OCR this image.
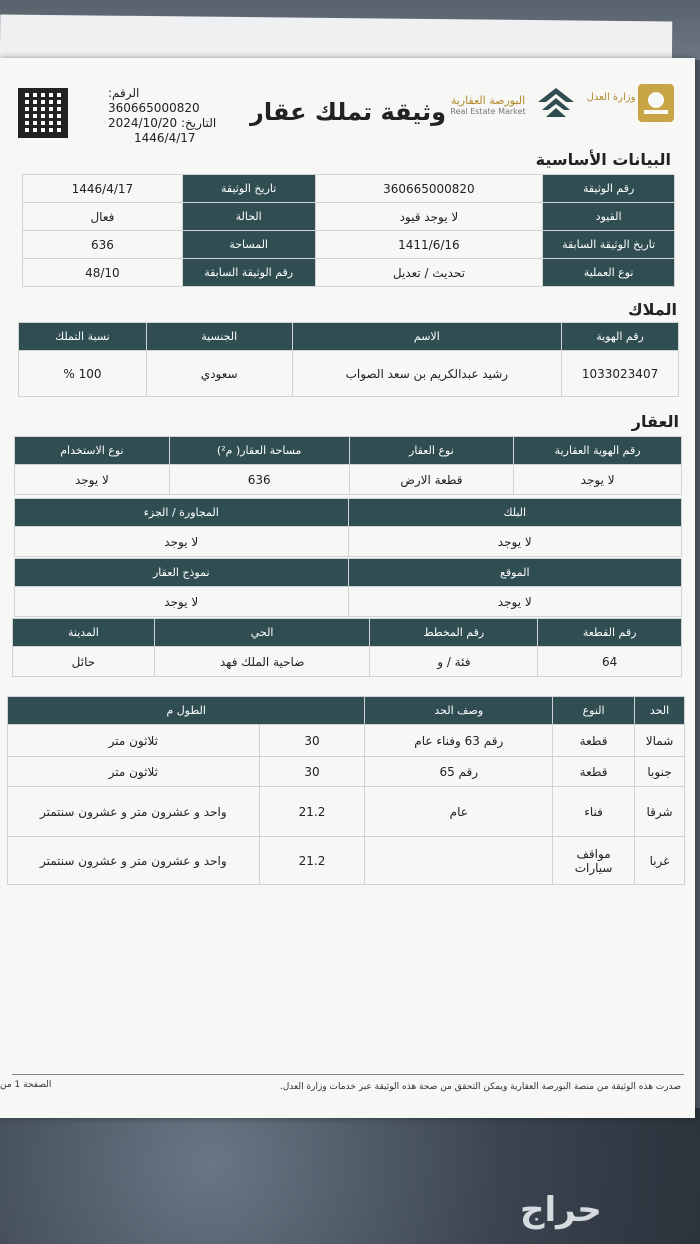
الرقم: 360665000820
التاريخ: 2024/10/20
1446/4/17
وثيقة تملك عقار البورصة العقارية
Real Estate Market
وزارة العدل
البيانات الأساسية
رقم الوثيقة	360665000820	تاريخ الوثيقة	1446/4/17
القيود	لا يوجد قيود	الحالة	فعال
تاريخ الوثيقة السابقة	1411/6/16	المساحة	636
نوع العملية	تحديث / تعديل	رقم الوثيقة السابقة	48/10
الملاك
رقم الهوية	الاسم	الجنسية	نسبة التملك
1033023407	رشيد عبدالكريم بن سعد الصواب	سعودي	100 %
العقار
رقم الهوية العقارية	نوع العقار	مساحة العقار( م²)	نوع الاستخدام
لا يوجد	قطعة الارض	636	لا يوجد
البلك	المجاورة / الجزء
لا يوجد	لا يوجد
الموقع	نموذج العقار
لا يوجد	لا يوجد
رقم القطعة	رقم المخطط	الحي	المدينة
64	فئة / و	ضاحية الملك فهد	حائل
الحد	النوع	وصف الحد	الطول م	
شمالا	قطعة	رقم 63 وفناء عام	30	ثلاثون متر
جنوبا	قطعة	رقم 65	30	ثلاثون متر
شرقا	فناء	عام	21.2	واحد و عشرون متر و عشرون سنتمتر
غربا	مواقف سيارات		21.2	واحد و عشرون متر و عشرون سنتمتر
صدرت هذه الوثيقة من منصة البورصة العقارية ويمكن التحقق من صحة هذه الوثيقة عبر خدمات وزارة العدل.
الصفحة 1 من
حراج
